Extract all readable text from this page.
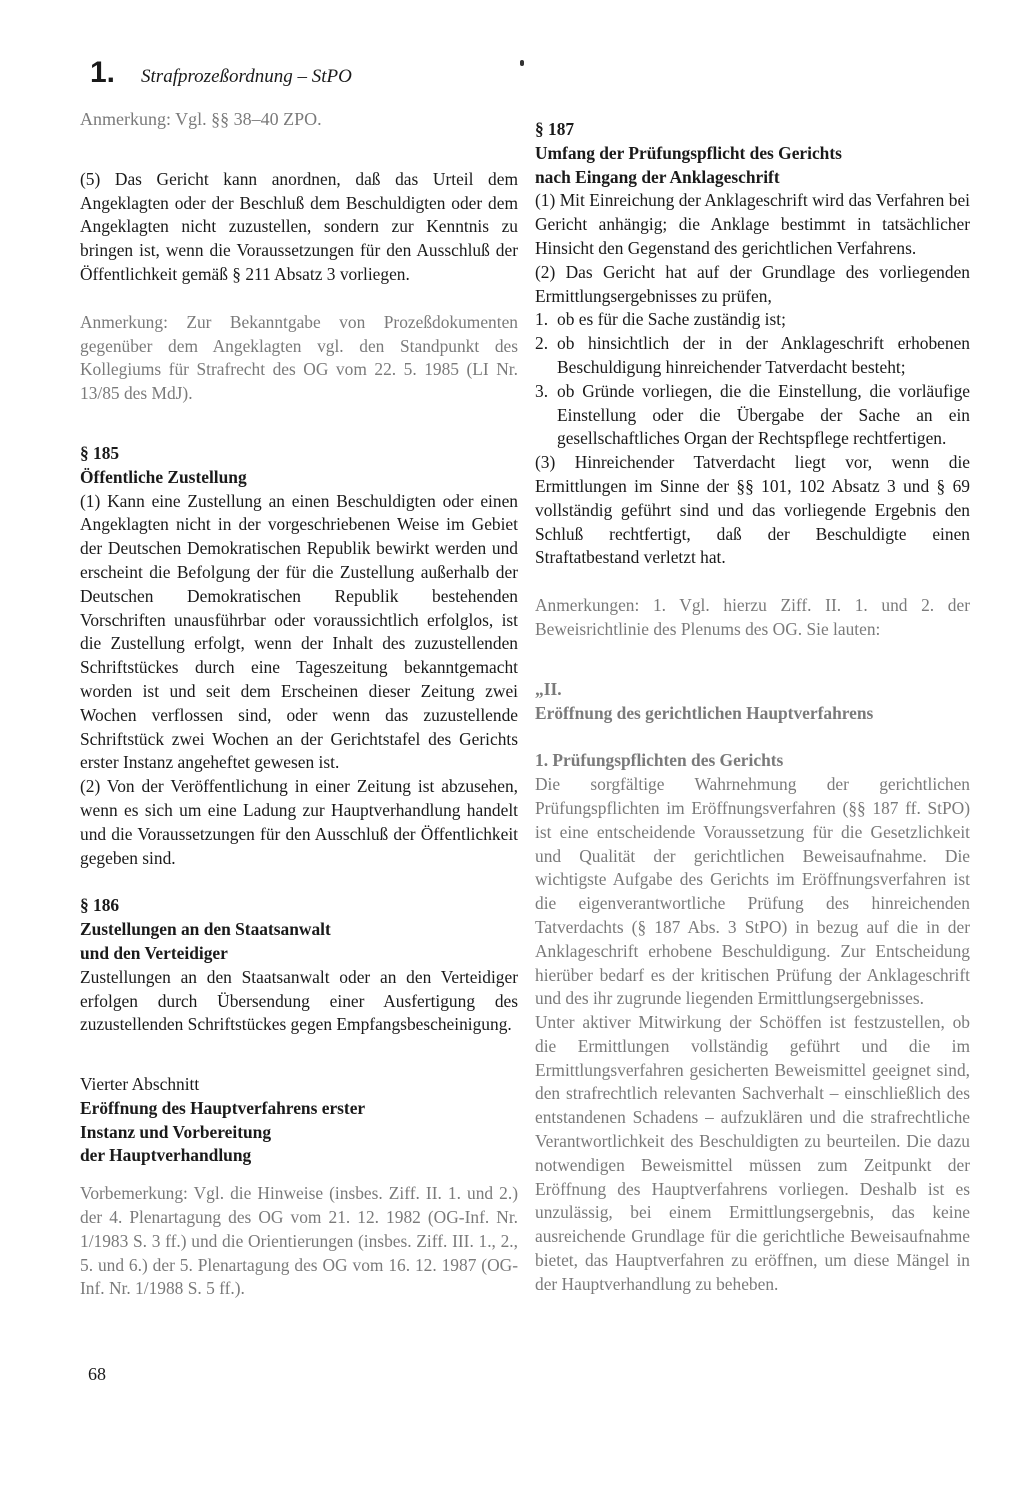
1. Strafprozeßordnung – StPO
Anmerkung: Vgl. §§ 38–40 ZPO.
(5) Das Gericht kann anordnen, daß das Urteil dem Angeklagten oder der Beschluß dem Beschuldigten oder dem Angeklagten nicht zuzustellen, sondern zur Kenntnis zu bringen ist, wenn die Voraussetzungen für den Ausschluß der Öffentlichkeit gemäß § 211 Absatz 3 vorliegen.
Anmerkung: Zur Bekanntgabe von Prozeßdokumenten gegenüber dem Angeklagten vgl. den Standpunkt des Kollegiums für Strafrecht des OG vom 22. 5. 1985 (LI Nr. 13/85 des MdJ).
§ 185
Öffentliche Zustellung
(1) Kann eine Zustellung an einen Beschuldigten oder einen Angeklagten nicht in der vorgeschriebenen Weise im Gebiet der Deutschen Demokratischen Republik bewirkt werden und erscheint die Befolgung der für die Zustellung außerhalb der Deutschen Demokratischen Republik bestehenden Vorschriften unausführbar oder voraussichtlich erfolglos, ist die Zustellung erfolgt, wenn der Inhalt des zuzustellenden Schriftstückes durch eine Tageszeitung bekanntgemacht worden ist und seit dem Erscheinen dieser Zeitung zwei Wochen verflossen sind, oder wenn das zuzustellende Schriftstück zwei Wochen an der Gerichtstafel des Gerichts erster Instanz angeheftet gewesen ist.
(2) Von der Veröffentlichung in einer Zeitung ist abzusehen, wenn es sich um eine Ladung zur Hauptverhandlung handelt und die Voraussetzungen für den Ausschluß der Öffentlichkeit gegeben sind.
§ 186
Zustellungen an den Staatsanwalt
und den Verteidiger
Zustellungen an den Staatsanwalt oder an den Verteidiger erfolgen durch Übersendung einer Ausfertigung des zuzustellenden Schriftstückes gegen Empfangsbescheinigung.
Vierter Abschnitt
Eröffnung des Hauptverfahrens erster
Instanz und Vorbereitung
der Hauptverhandlung
Vorbemerkung: Vgl. die Hinweise (insbes. Ziff. II. 1. und 2.) der 4. Plenartagung des OG vom 21. 12. 1982 (OG-Inf. Nr. 1/1983 S. 3 ff.) und die Orientierungen (insbes. Ziff. III. 1., 2., 5. und 6.) der 5. Plenartagung des OG vom 16. 12. 1987 (OG-Inf. Nr. 1/1988 S. 5 ff.).
§ 187
Umfang der Prüfungspflicht des Gerichts
nach Eingang der Anklageschrift
(1) Mit Einreichung der Anklageschrift wird das Verfahren bei Gericht anhängig; die Anklage bestimmt in tatsächlicher Hinsicht den Gegenstand des gerichtlichen Verfahrens.
(2) Das Gericht hat auf der Grundlage des vorliegenden Ermittlungsergebnisses zu prüfen,
1. ob es für die Sache zuständig ist;
2. ob hinsichtlich der in der Anklageschrift erhobenen Beschuldigung hinreichender Tatverdacht besteht;
3. ob Gründe vorliegen, die die Einstellung, die vorläufige Einstellung oder die Übergabe der Sache an ein gesellschaftliches Organ der Rechtspflege rechtfertigen.
(3) Hinreichender Tatverdacht liegt vor, wenn die Ermittlungen im Sinne der §§ 101, 102 Absatz 3 und § 69 vollständig geführt sind und das vorliegende Ergebnis den Schluß rechtfertigt, daß der Beschuldigte einen Straftatbestand verletzt hat.
Anmerkungen: 1. Vgl. hierzu Ziff. II. 1. und 2. der Beweisrichtlinie des Plenums des OG. Sie lauten:
„II.
Eröffnung des gerichtlichen Hauptverfahrens
1. Prüfungspflichten des Gerichts
Die sorgfältige Wahrnehmung der gerichtlichen Prüfungspflichten im Eröffnungsverfahren (§§ 187 ff. StPO) ist eine entscheidende Voraussetzung für die Gesetzlichkeit und Qualität der gerichtlichen Beweisaufnahme. Die wichtigste Aufgabe des Gerichts im Eröffnungsverfahren ist die eigenverantwortliche Prüfung des hinreichenden Tatverdachts (§ 187 Abs. 3 StPO) in bezug auf die in der Anklageschrift erhobene Beschuldigung. Zur Entscheidung hierüber bedarf es der kritischen Prüfung der Anklageschrift und des ihr zugrunde liegenden Ermittlungsergebnisses.
Unter aktiver Mitwirkung der Schöffen ist festzustellen, ob die Ermittlungen vollständig geführt und die im Ermittlungsverfahren gesicherten Beweismittel geeignet sind, den strafrechtlich relevanten Sachverhalt – einschließlich des entstandenen Schadens – aufzuklären und die strafrechtliche Verantwortlichkeit des Beschuldigten zu beurteilen. Die dazu notwendigen Beweismittel müssen zum Zeitpunkt der Eröffnung des Hauptverfahrens vorliegen. Deshalb ist es unzulässig, bei einem Ermittlungsergebnis, das keine ausreichende Grundlage für die gerichtliche Beweisaufnahme bietet, das Hauptverfahren zu eröffnen, um diese Mängel in der Hauptverhandlung zu beheben.
68
